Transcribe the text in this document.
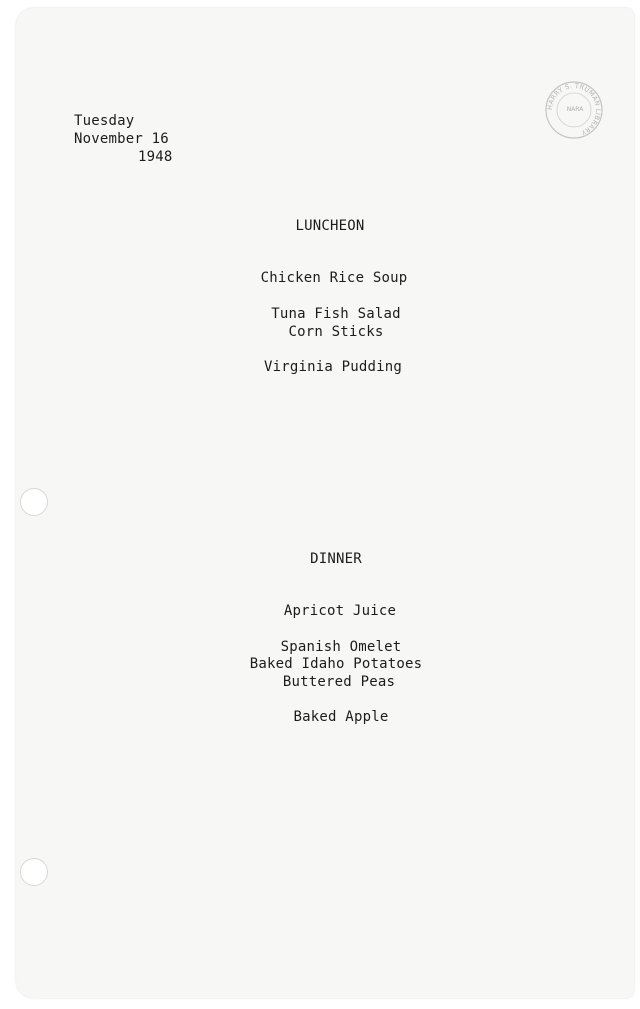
HARRY S. TRUMAN LIBRARY
NARA
Tuesday
November 16
1948
LUNCHEON
Chicken Rice Soup
Tuna Fish Salad
Corn Sticks
Virginia Pudding
DINNER
Apricot Juice
Spanish Omelet
Baked Idaho Potatoes
Buttered Peas
Baked Apple
